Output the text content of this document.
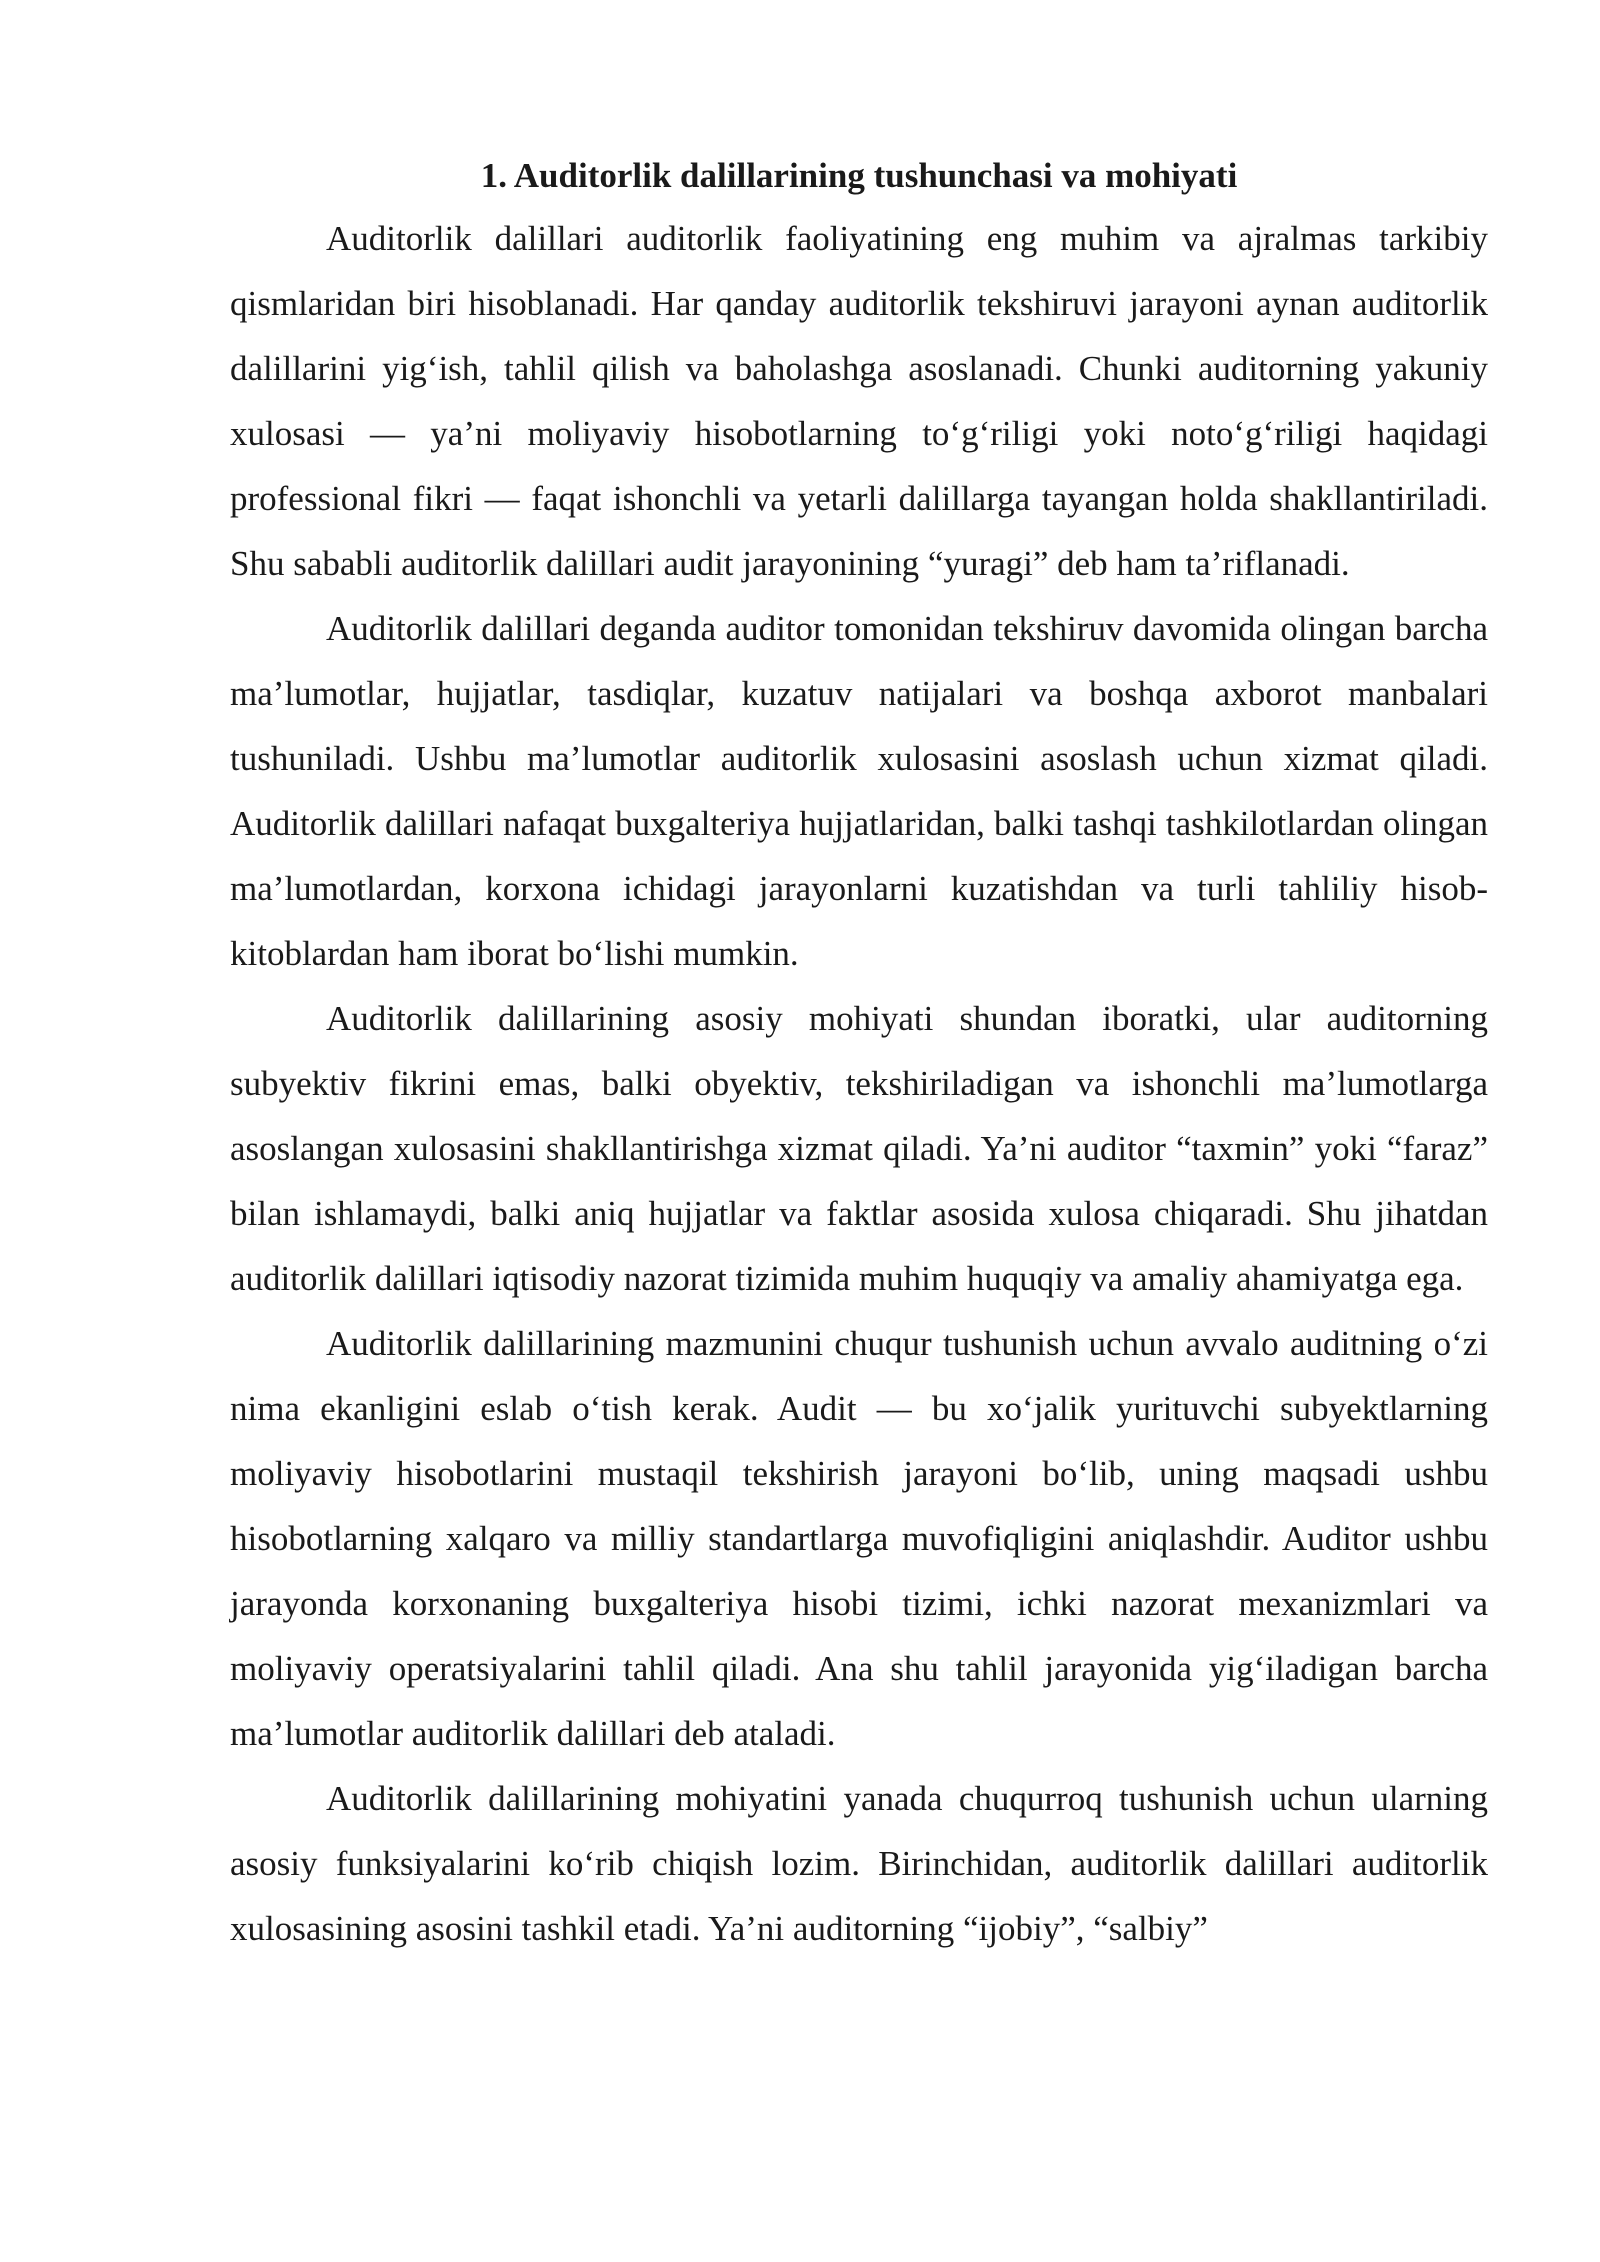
1. Auditorlik dalillarining tushunchasi va mohiyati

Auditorlik dalillari auditorlik faoliyatining eng muhim va ajralmas tarkibiy qismlaridan biri hisoblanadi. Har qanday auditorlik tekshiruvi jarayoni aynan auditorlik dalillarini yig‘ish, tahlil qilish va baholashga asoslanadi. Chunki auditorning yakuniy xulosasi — ya’ni moliyaviy hisobotlarning to‘g‘riligi yoki noto‘g‘riligi haqidagi professional fikri — faqat ishonchli va yetarli dalillarga tayangan holda shakllantiriladi. Shu sababli auditorlik dalillari audit jarayonining “yuragi” deb ham ta’riflanadi.

Auditorlik dalillari deganda auditor tomonidan tekshiruv davomida olingan barcha ma’lumotlar, hujjatlar, tasdiqlar, kuzatuv natijalari va boshqa axborot manbalari tushuniladi. Ushbu ma’lumotlar auditorlik xulosasini asoslash uchun xizmat qiladi. Auditorlik dalillari nafaqat buxgalteriya hujjatlaridan, balki tashqi tashkilotlardan olingan ma’lumotlardan, korxona ichidagi jarayonlarni kuzatishdan va turli tahliliy hisob-kitoblardan ham iborat bo‘lishi mumkin.

Auditorlik dalillarining asosiy mohiyati shundan iboratki, ular auditorning subyektiv fikrini emas, balki obyektiv, tekshiriladigan va ishonchli ma’lumotlarga asoslangan xulosasini shakllantirishga xizmat qiladi. Ya’ni auditor “taxmin” yoki “faraz” bilan ishlamaydi, balki aniq hujjatlar va faktlar asosida xulosa chiqaradi. Shu jihatdan auditorlik dalillari iqtisodiy nazorat tizimida muhim huquqiy va amaliy ahamiyatga ega.

Auditorlik dalillarining mazmunini chuqur tushunish uchun avvalo auditning o‘zi nima ekanligini eslab o‘tish kerak. Audit — bu xo‘jalik yurituvchi subyektlarning moliyaviy hisobotlarini mustaqil tekshirish jarayoni bo‘lib, uning maqsadi ushbu hisobotlarning xalqaro va milliy standartlarga muvofiqligini aniqlashdir. Auditor ushbu jarayonda korxonaning buxgalteriya hisobi tizimi, ichki nazorat mexanizmlari va moliyaviy operatsiyalarini tahlil qiladi. Ana shu tahlil jarayonida yig‘iladigan barcha ma’lumotlar auditorlik dalillari deb ataladi.

Auditorlik dalillarining mohiyatini yanada chuqurroq tushunish uchun ularning asosiy funksiyalarini ko‘rib chiqish lozim. Birinchidan, auditorlik dalillari auditorlik xulosasining asosini tashkil etadi. Ya’ni auditorning “ijobiy”, “salbiy”
